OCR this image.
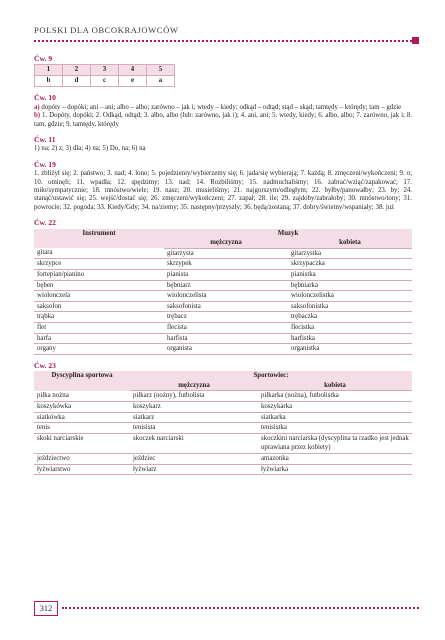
POLSKI DLA OBCOKRAJOWCÓW
Ćw. 9
1	2	3	4	5
b	d	c	e	a
Ćw. 10

a) dopóty – dopóki; ani – ani; albo – albo; zarówno – jak i; wtedy – kiedy; odkąd – odtąd; stąd – skąd; tamtędy – którędy; tam – gdzie

b) 1. Dopóty, dopóki; 2. Odkąd, odtąd; 3. albo, albo (lub: zarówno, jak i); 4. ani, ani; 5. wtedy, kiedy; 6. albo, albo; 7. zarówno, jak i; 8. tam, gdzie; 9. tamtędy, którędy

Ćw. 11

1) na; 2) z; 3) dla; 4) na; 5) Do, na; 6) na

Ćw. 19

1. zbliżył się; 2. państwo; 3. nad; 4. lono; 5. pojedzieniy/wybierzemy się; 6. jada/się wybierają; 7. każdą; 8. zmęczeni/wykończeni; 9. o; 10. ominęli; 11. wpadła; 12. spędzimy; 13. nad; 14. Rozbiliśmy; 15. nadmuchaliśmy; 16. zabrać/wziąć/zapakować; 17. miło/sympatycznie; 18. mnóstwo/wiele; 19. nasz; 20. musieliśmy; 21. najgorszym/odległym; 22. byłby/panowałby; 23. by; 24. stanąć/ustawić się; 25. wejść/dostać się; 26. zmęczeni/wykończeni; 27. zapał; 28. ile; 29. zajdoby/zabrałoby; 30. mnóstwo/tony; 31. powrocie; 32. pogoda; 33. Kiedy/Gdy; 34. na/ziemy; 35. następny/przyszły; 36. będą/zostaną; 37. dobry/świetny/wspaniały; 38. już

Ćw. 22
Instrument	Muzyk	
	mężczyzna	kobieta
gitara	gitarzysta	gitarzystka
skrzypce	skrzypek	skrzypaczka
fortepian/pianino	pianista	pianistka
bęben	bębniarz	bębniarka
wiolonczela	wiolonczelista	wiolonczelistka
saksofon	saksofonista	saksofonistka
trąbka	trębacz	trębaczka
flet	flecista	flecistka
harfa	harfista	harfistka
organy	organista	organistka
Ćw. 23
Dyscyplina sportowa	Sportowiec:	
	mężczyzna	kobieta
piłka nożna	piłkarz (nożny), futbolista	piłkarka (nożna), futbolistka
koszykówka	koszykarz	koszykarka
siatkówka	siatkarz	siatkarka
tenis	tenisista	tenisistka
skoki narciarskie	skoczek narciarski	skoczkini narciarska (dyscyplina ta rzadko jest jednak uprawiana przez kobiety)
jeździectwo	jeździec	amazonka
łyżwiarstwo	łyżwiarz	łyżwiarka
312
